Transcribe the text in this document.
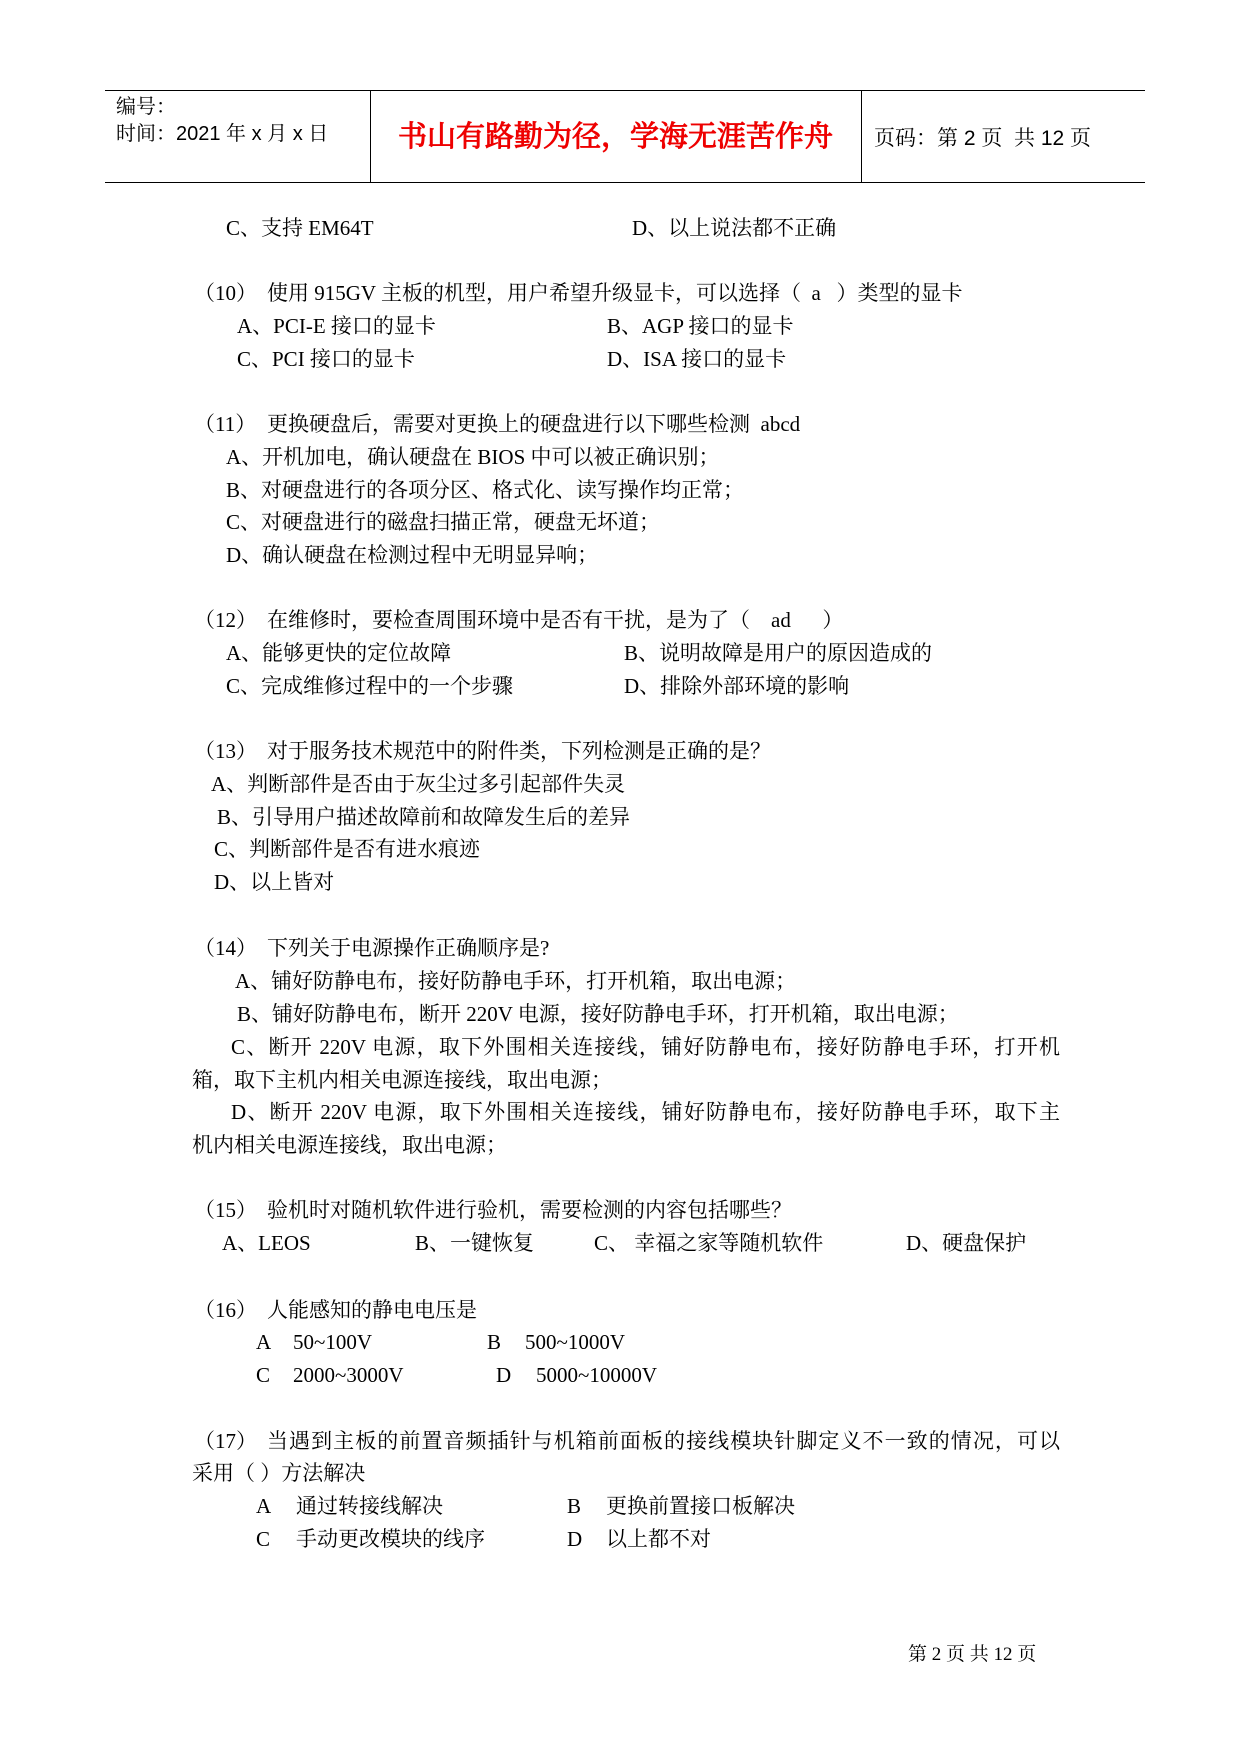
编号：
时间：2021 年 x 月 x 日	书山有路勤为径，学海无涯苦作舟	页码：第 2 页  共 12 页
C、支持 EM64T	D、以上说法都不正确
（10） 使用 915GV 主板的机型，用户希望升级显卡，可以选择（  a   ）类型的显卡
A、PCI-E 接口的显卡	B、AGP 接口的显卡
C、PCI 接口的显卡	D、ISA 接口的显卡
（11） 更换硬盘后，需要对更换上的硬盘进行以下哪些检测  abcd
A、开机加电，确认硬盘在 BIOS 中可以被正确识别；
B、对硬盘进行的各项分区、格式化、读写操作均正常；
C、对硬盘进行的磁盘扫描正常，硬盘无坏道；
D、确认硬盘在检测过程中无明显异响；
（12） 在维修时，要检查周围环境中是否有干扰，是为了（    ad      ）
A、能够更快的定位故障	B、说明故障是用户的原因造成的
C、完成维修过程中的一个步骤	D、排除外部环境的影响
（13） 对于服务技术规范中的附件类，下列检测是正确的是？
A、判断部件是否由于灰尘过多引起部件失灵
B、引导用户描述故障前和故障发生后的差异
C、判断部件是否有进水痕迹
D、以上皆对
（14） 下列关于电源操作正确顺序是?
A、铺好防静电布，接好防静电手环，打开机箱，取出电源；
B、铺好防静电布，断开 220V 电源，接好防静电手环，打开机箱，取出电源；
C、断开 220V 电源，取下外围相关连接线，铺好防静电布，接好防静电手环，打开机
箱，取下主机内相关电源连接线，取出电源；
D、断开 220V 电源，取下外围相关连接线，铺好防静电布，接好防静电手环，取下主
机内相关电源连接线，取出电源；
（15） 验机时对随机软件进行验机，需要检测的内容包括哪些？
A、LEOS	B、一键恢复	C、 幸福之家等随机软件	D、硬盘保护
（16） 人能感知的静电电压是
A 50~100V	B 500~1000V
C 2000~3000V	D 5000~10000V
（17） 当遇到主板的前置音频插针与机箱前面板的接线模块针脚定义不一致的情况，可以
采用（ ）方法解决
A 通过转接线解决	B 更换前置接口板解决
C 手动更改模块的线序	D 以上都不对
第 2 页 共 12 页
